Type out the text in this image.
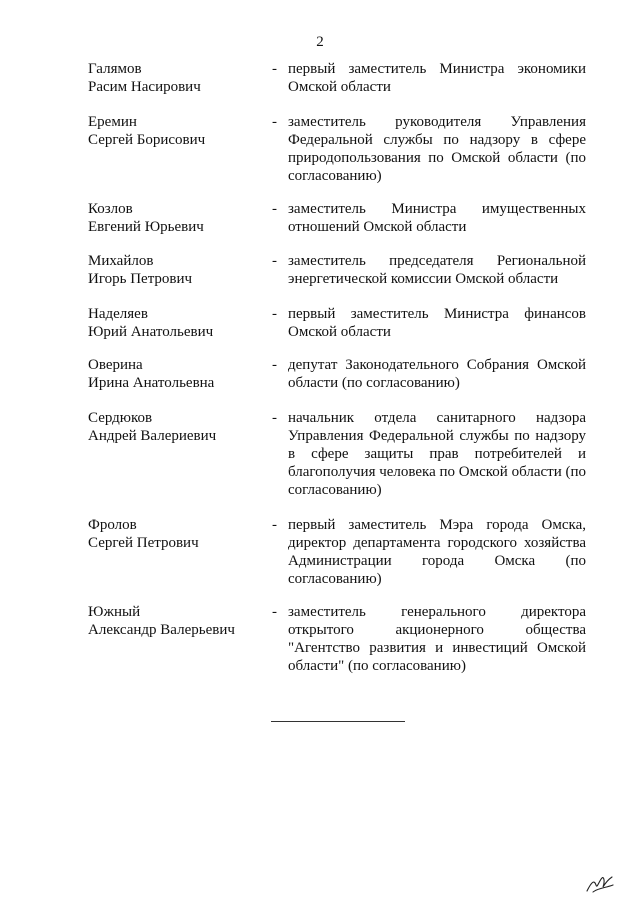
2
Галямов
Расим Насирович
- первый заместитель Министра экономики Омской области
Еремин
Сергей Борисович
- заместитель руководителя Управления Федеральной службы по надзору в сфере природопользования по Омской области (по согласованию)
Козлов
Евгений Юрьевич
- заместитель Министра имущественных отношений Омской области
Михайлов
Игорь Петрович
- заместитель председателя Региональной энергетической комиссии Омской области
Наделяев
Юрий Анатольевич
- первый заместитель Министра финансов Омской области
Оверина
Ирина Анатольевна
- депутат Законодательного Собрания Омской области (по согласованию)
Сердюков
Андрей Валериевич
- начальник отдела санитарного надзора Управления Федеральной службы по надзору в сфере защиты прав потребителей и благополучия человека по Омской области (по согласованию)
Фролов
Сергей Петрович
- первый заместитель Мэра города Омска, директор департамента городского хозяйства Администрации города Омска (по согласованию)
Южный
Александр Валерьевич
- заместитель генерального директора открытого акционерного общества "Агентство развития и инвестиций Омской области" (по согласованию)
